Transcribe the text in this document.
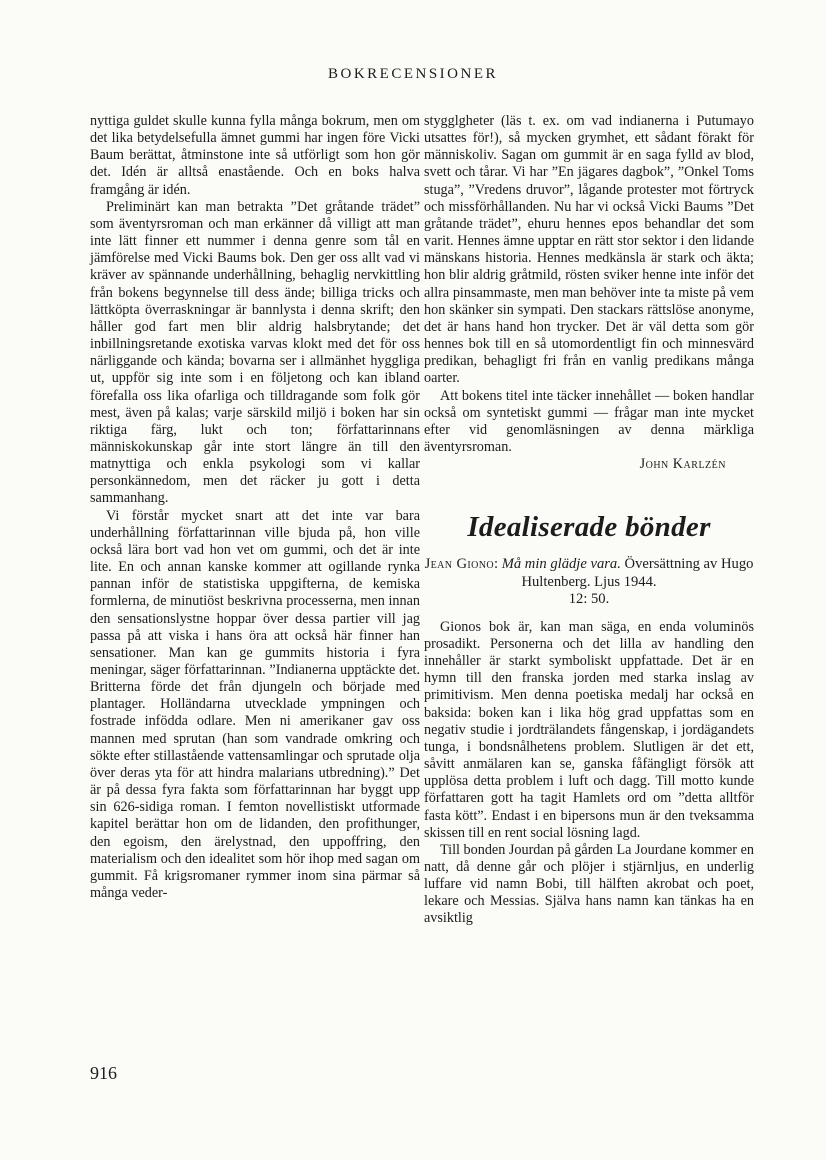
BOKRECENSIONER

nyttiga guldet skulle kunna fylla många bokrum, men om det lika betydelsefulla ämnet gummi har ingen före Vicki Baum berättat, åtminstone inte så utförligt som hon gör det. Idén är alltså enastående. Och en boks halva framgång är idén.

Preliminärt kan man betrakta ”Det gråtande trädet” som äventyrsroman och man erkänner då villigt att man inte lätt finner ett nummer i denna genre som tål en jämförelse med Vicki Baums bok. Den ger oss allt vad vi kräver av spännande underhållning, behaglig nervkittling från bokens begynnelse till dess ände; billiga tricks och lättköpta överraskningar är bannlysta i denna skrift; den håller god fart men blir aldrig halsbrytande; det inbillningsretande exotiska varvas klokt med det för oss närliggande och kända; bovarna ser i allmänhet hyggliga ut, uppför sig inte som i en följetong och kan ibland förefalla oss lika ofarliga och tilldragande som folk gör mest, även på kalas; varje särskild miljö i boken har sin riktiga färg, lukt och ton; författarinnans människokunskap går inte stort längre än till den matnyttiga och enkla psykologi som vi kallar personkännedom, men det räcker ju gott i detta sammanhang.

Vi förstår mycket snart att det inte var bara underhållning författarinnan ville bjuda på, hon ville också lära bort vad hon vet om gummi, och det är inte lite. En och annan kanske kommer att ogillande rynka pannan inför de statistiska uppgifterna, de kemiska formlerna, de minutiöst beskrivna processerna, men innan den sensationslystne hoppar över dessa partier vill jag passa på att viska i hans öra att också här finner han sensationer. Man kan ge gummits historia i fyra meningar, säger författarinnan. ”Indianerna upptäckte det. Britterna förde det från djungeln och började med plantager. Holländarna utvecklade ympningen och fostrade infödda odlare. Men ni amerikaner gav oss mannen med sprutan (han som vandrade omkring och sökte efter stillastående vattensamlingar och sprutade olja över deras yta för att hindra malarians utbredning).” Det är på dessa fyra fakta som författarinnan har byggt upp sin 626-sidiga roman. I femton novellistiskt utformade kapitel berättar hon om de lidanden, den profithunger, den egoism, den ärelystnad, den uppoffring, den materialism och den idealitet som hör ihop med sagan om gummit. Få krigsromaner rymmer inom sina pärmar så många veder-

stygglgheter (läs t. ex. om vad indianerna i Putumayo utsattes för!), så mycken grymhet, ett sådant förakt för människoliv. Sagan om gummit är en saga fylld av blod, svett och tårar. Vi har ”En jägares dagbok”, ”Onkel Toms stuga”, ”Vredens druvor”, lågande protester mot förtryck och missförhållanden. Nu har vi också Vicki Baums ”Det gråtande trädet”, ehuru hennes epos behandlar det som varit. Hennes ämne upptar en rätt stor sektor i den lidande mänskans historia. Hennes medkänsla är stark och äkta; hon blir aldrig gråtmild, rösten sviker henne inte inför det allra pinsammaste, men man behöver inte ta miste på vem hon skänker sin sympati. Den stackars rättslöse anonyme, det är hans hand hon trycker. Det är väl detta som gör hennes bok till en så utomordentligt fin och minnesvärd predikan, behagligt fri från en vanlig predikans många oarter.

Att bokens titel inte täcker innehållet — boken handlar också om syntetiskt gummi — frågar man inte mycket efter vid genomläsningen av denna märkliga äventyrsroman.

John Karlzén
Idealiserade bönder
Jean Giono: Må min glädje vara. Översättning av Hugo Hultenberg. Ljus 1944.
12: 50.

Gionos bok är, kan man säga, en enda voluminös prosadikt. Personerna och det lilla av handling den innehåller är starkt symboliskt uppfattade. Det är en hymn till den franska jorden med starka inslag av primitivism. Men denna poetiska medalj har också en baksida: boken kan i lika hög grad uppfattas som en negativ studie i jordträlandets fångenskap, i jordägandets tunga, i bondsnålhetens problem. Slutligen är det ett, såvitt anmälaren kan se, ganska fåfängligt försök att upplösa detta problem i luft och dagg. Till motto kunde författaren gott ha tagit Hamlets ord om ”detta alltför fasta kött”. Endast i en bipersons mun är den tveksamma skissen till en rent social lösning lagd.

Till bonden Jourdan på gården La Jourdane kommer en natt, då denne går och plöjer i stjärnljus, en underlig luffare vid namn Bobi, till hälften akrobat och poet, lekare och Messias. Själva hans namn kan tänkas ha en avsiktlig

916
